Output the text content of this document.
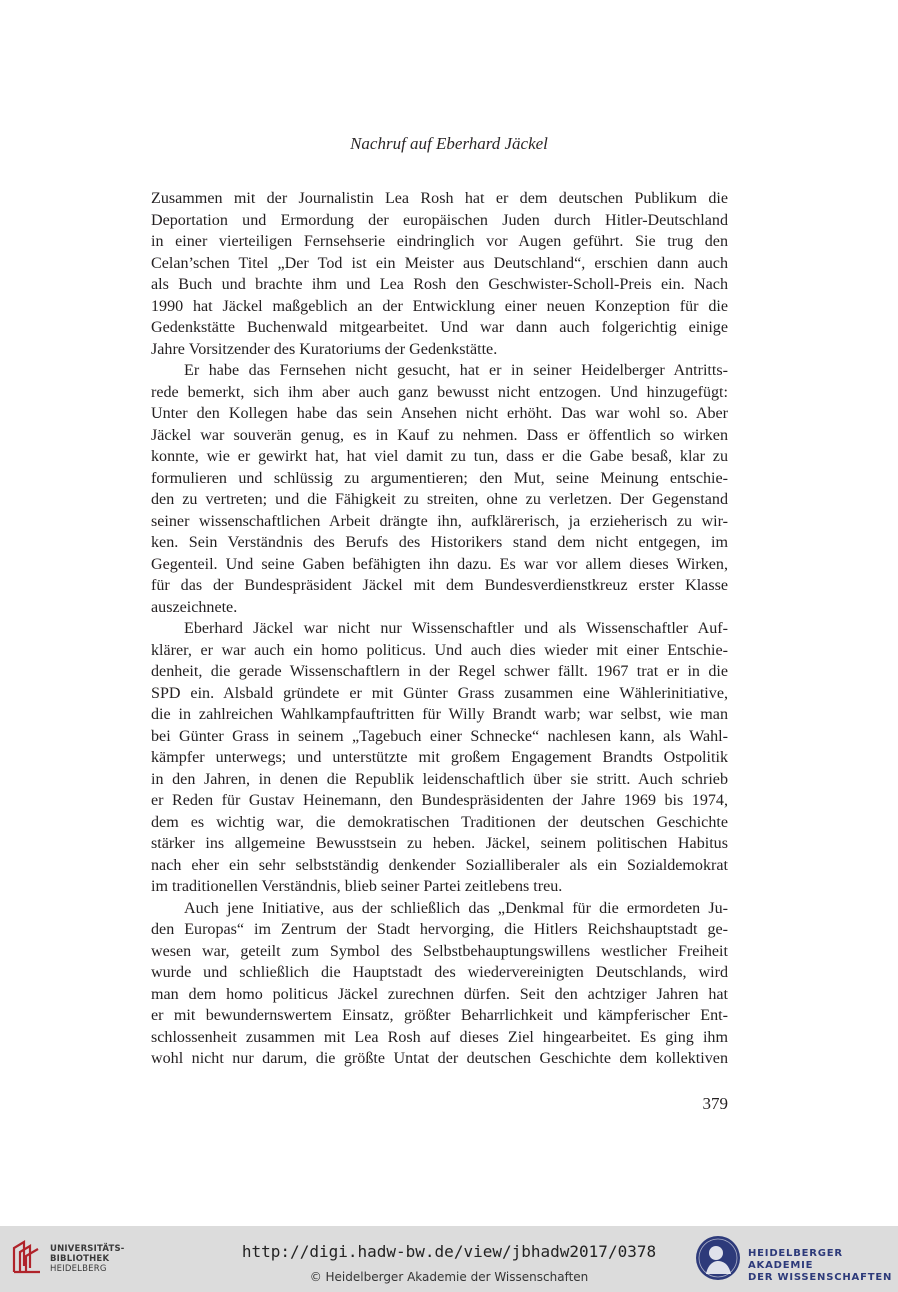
Nachruf auf Eberhard Jäckel

Zusammen mit der Journalistin Lea Rosh hat er dem deutschen Publikum die
Deportation und Ermordung der europäischen Juden durch Hitler-Deutschland
in einer vierteiligen Fernsehserie eindringlich vor Augen geführt. Sie trug den
Celan’schen Titel „Der Tod ist ein Meister aus Deutschland“, erschien dann auch
als Buch und brachte ihm und Lea Rosh den Geschwister-Scholl-Preis ein. Nach
1990 hat Jäckel maßgeblich an der Entwicklung einer neuen Konzeption für die
Gedenkstätte Buchenwald mitgearbeitet. Und war dann auch folgerichtig einige
Jahre Vorsitzender des Kuratoriums der Gedenkstätte.

Er habe das Fernsehen nicht gesucht, hat er in seiner Heidelberger Antritts-
rede bemerkt, sich ihm aber auch ganz bewusst nicht entzogen. Und hinzugefügt:
Unter den Kollegen habe das sein Ansehen nicht erhöht. Das war wohl so. Aber
Jäckel war souverän genug, es in Kauf zu nehmen. Dass er öffentlich so wirken
konnte, wie er gewirkt hat, hat viel damit zu tun, dass er die Gabe besaß, klar zu
formulieren und schlüssig zu argumentieren; den Mut, seine Meinung entschie-
den zu vertreten; und die Fähigkeit zu streiten, ohne zu verletzen. Der Gegenstand
seiner wissenschaftlichen Arbeit drängte ihn, aufklärerisch, ja erzieherisch zu wir-
ken. Sein Verständnis des Berufs des Historikers stand dem nicht entgegen, im
Gegenteil. Und seine Gaben befähigten ihn dazu. Es war vor allem dieses Wirken,
für das der Bundespräsident Jäckel mit dem Bundesverdienstkreuz erster Klasse
auszeichnete.

Eberhard Jäckel war nicht nur Wissenschaftler und als Wissenschaftler Auf-
klärer, er war auch ein homo politicus. Und auch dies wieder mit einer Entschie-
denheit, die gerade Wissenschaftlern in der Regel schwer fällt. 1967 trat er in die
SPD ein. Alsbald gründete er mit Günter Grass zusammen eine Wählerinitiative,
die in zahlreichen Wahlkampfauftritten für Willy Brandt warb; war selbst, wie man
bei Günter Grass in seinem „Tagebuch einer Schnecke“ nachlesen kann, als Wahl-
kämpfer unterwegs; und unterstützte mit großem Engagement Brandts Ostpolitik
in den Jahren, in denen die Republik leidenschaftlich über sie stritt. Auch schrieb
er Reden für Gustav Heinemann, den Bundespräsidenten der Jahre 1969 bis 1974,
dem es wichtig war, die demokratischen Traditionen der deutschen Geschichte
stärker ins allgemeine Bewusstsein zu heben. Jäckel, seinem politischen Habitus
nach eher ein sehr selbstständig denkender Sozialliberaler als ein Sozialdemokrat
im traditionellen Verständnis, blieb seiner Partei zeitlebens treu.

Auch jene Initiative, aus der schließlich das „Denkmal für die ermordeten Ju-
den Europas“ im Zentrum der Stadt hervorging, die Hitlers Reichshauptstadt ge-
wesen war, geteilt zum Symbol des Selbstbehauptungswillens westlicher Freiheit
wurde und schließlich die Hauptstadt des wiedervereinigten Deutschlands, wird
man dem homo politicus Jäckel zurechnen dürfen. Seit den achtziger Jahren hat
er mit bewundernswertem Einsatz, größter Beharrlichkeit und kämpferischer Ent-
schlossenheit zusammen mit Lea Rosh auf dieses Ziel hingearbeitet. Es ging ihm
wohl nicht nur darum, die größte Untat der deutschen Geschichte dem kollektiven

379
UNIVERSITÄTS-
BIBLIOTHEK
HEIDELBERG
http://digi.hadw-bw.de/view/jbhadw2017/0378
© Heidelberger Akademie der Wissenschaften
HEIDELBERGER AKADEMIE
DER WISSENSCHAFTEN
